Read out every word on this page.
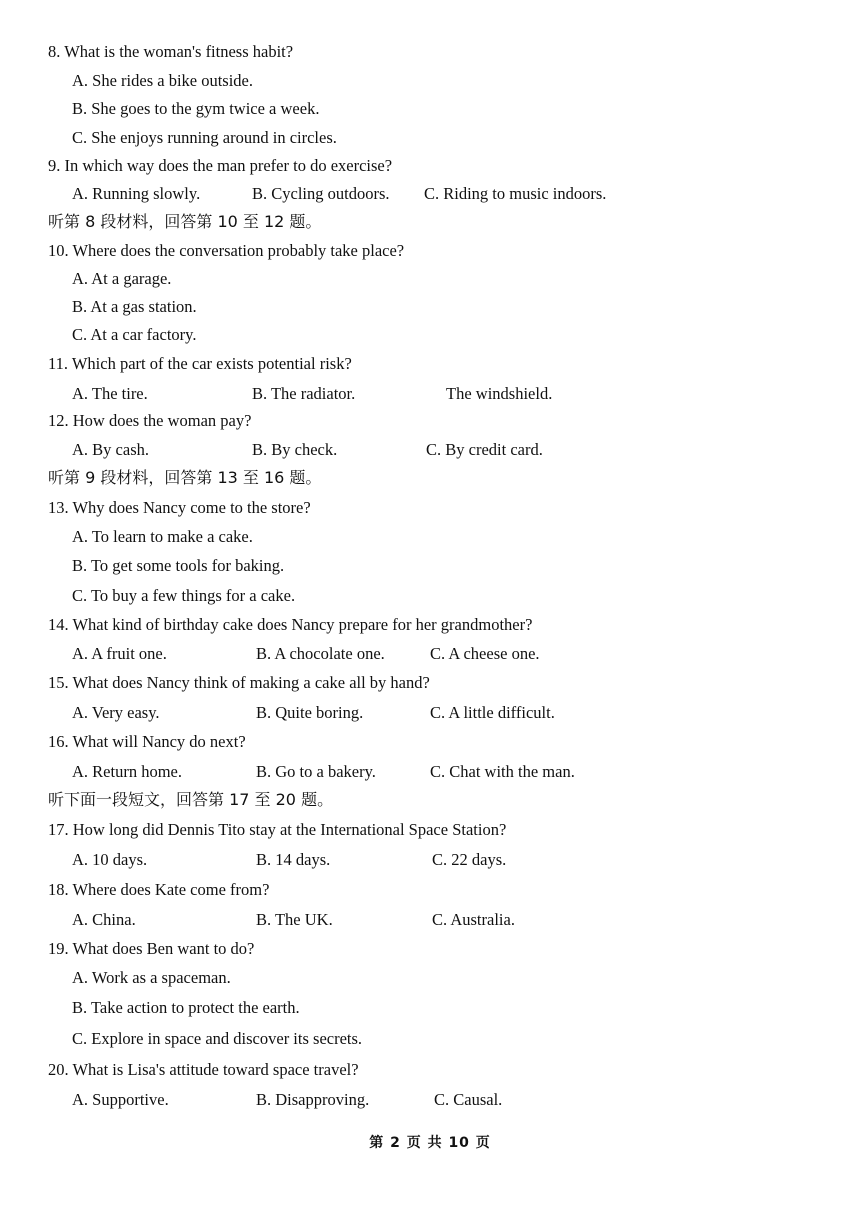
8. What is the woman's fitness habit?
A. She rides a bike outside.
B. She goes to the gym twice a week.
C. She enjoys running around in circles.
9. In which way does the man prefer to do exercise?
A. Running slowly.	B. Cycling outdoors. C. Riding to music indoors.
听第 8 段材料，回答第 10 至 12 题。
10. Where does the conversation probably take place?
A. At a garage.
B. At a gas station.
C. At a car factory.
11. Which part of the car exists potential risk?
A. The tire.	B. The radiator.	The windshield.
12. How does the woman pay?
A. By cash.	B. By check.	C. By credit card.
听第 9 段材料，回答第 13 至 16 题。
13. Why does Nancy come to the store?
A. To learn to make a cake.
B. To get some tools for baking.
C. To buy a few things for a cake.
14. What kind of birthday cake does Nancy prepare for her grandmother?
A. A fruit one.	B. A chocolate one.	C. A cheese one.
15. What does Nancy think of making a cake all by hand?
A. Very easy.	B. Quite boring.	C. A little difficult.
16. What will Nancy do next?
A. Return home.	B. Go to a bakery.	C. Chat with the man.
听下面一段短文，回答第 17 至 20 题。
17. How long did Dennis Tito stay at the International Space Station?
A. 10 days.	B. 14 days.	C. 22 days.
18. Where does Kate come from?
A. China.	B. The UK.	C. Australia.
19. What does Ben want to do?
A. Work as a spaceman.
B. Take action to protect the earth.
C. Explore in space and discover its secrets.
20. What is Lisa's attitude toward space travel?
A. Supportive.	B. Disapproving.	C. Causal.
第 2 页 共 10 页
